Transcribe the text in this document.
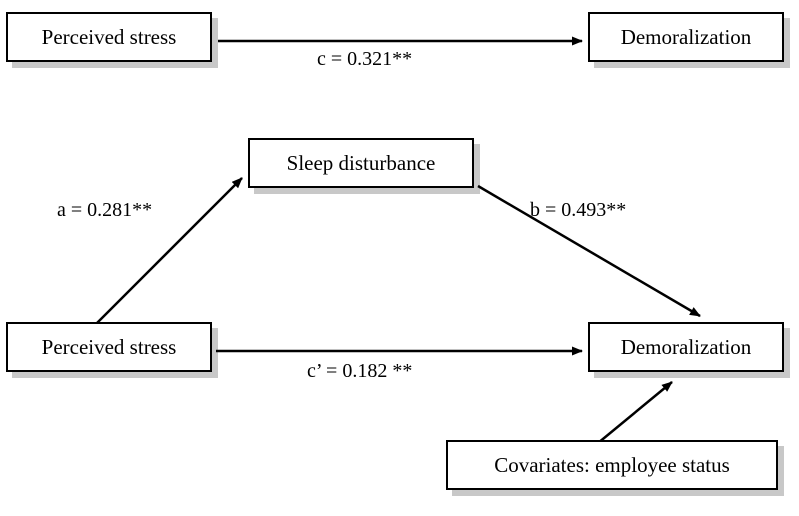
Perceived stress	Demoralization
Sleep disturbance
Perceived stress	Demoralization
Covariates: employee status
c = 0.321**
a = 0.281**	b = 0.493**
c’ = 0.182 **
